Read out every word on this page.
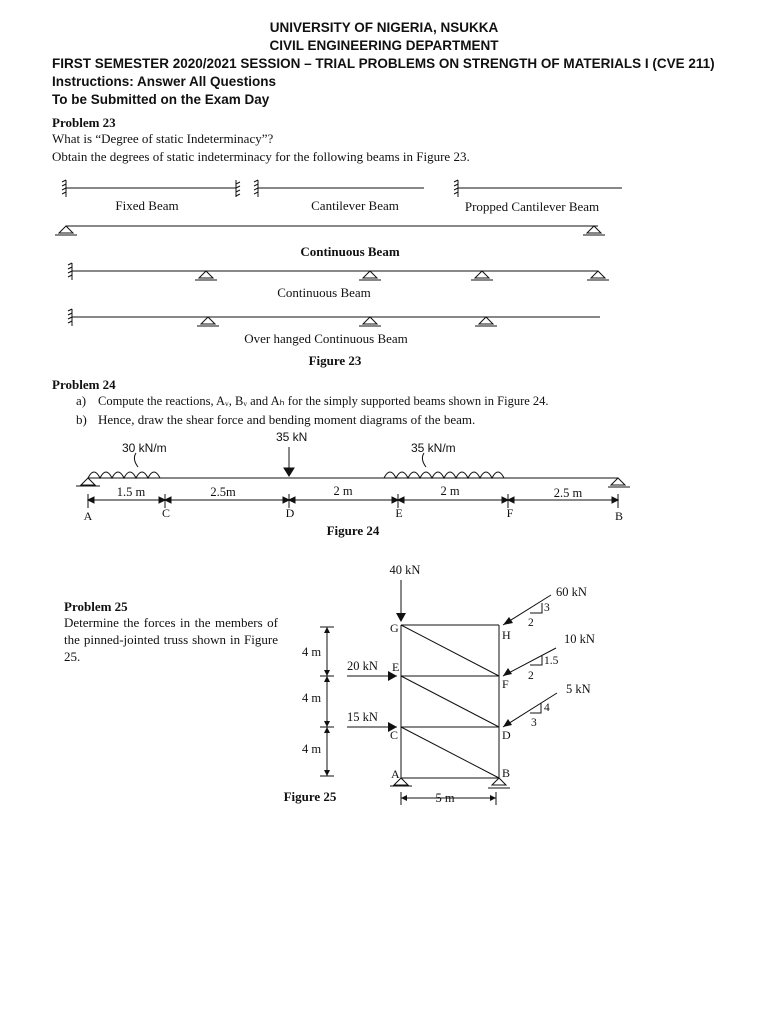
UNIVERSITY OF NIGERIA, NSUKKA
CIVIL ENGINEERING DEPARTMENT
FIRST SEMESTER 2020/2021 SESSION – TRIAL PROBLEMS ON STRENGTH OF MATERIALS I (CVE 211)
Instructions: Answer All Questions
To be Submitted on the Exam Day
Problem 23
What is “Degree of static Indeterminacy”?
Obtain the degrees of static indeterminacy for the following beams in Figure 23.
Fixed Beam	Cantilever Beam	Propped Cantilever Beam
Continuous Beam
Continuous Beam
Over hanged Continuous Beam
Figure 23
Problem 24
a) Compute the reactions, Aᵥ, Bᵥ and Aₕ for the simply supported beams shown in Figure 24.
b) Hence, draw the shear force and bending moment diagrams of the beam.
30 kN/m
35 kN
35 kN/m
1.5 m	2.5m	2 m	2 m	2.5 m
A	C	D	E	F	B
Figure 24
Problem 25
Determine the forces in the members of the pinned-jointed truss shown in Figure 25.
40 kN
60 kN
10 kN
5 kN
20 kN
15 kN
3
2
1.5
2
4
3
4 m
4 m
4 m
5 m
G	H
E
F
C	D
A	B
Figure 25
